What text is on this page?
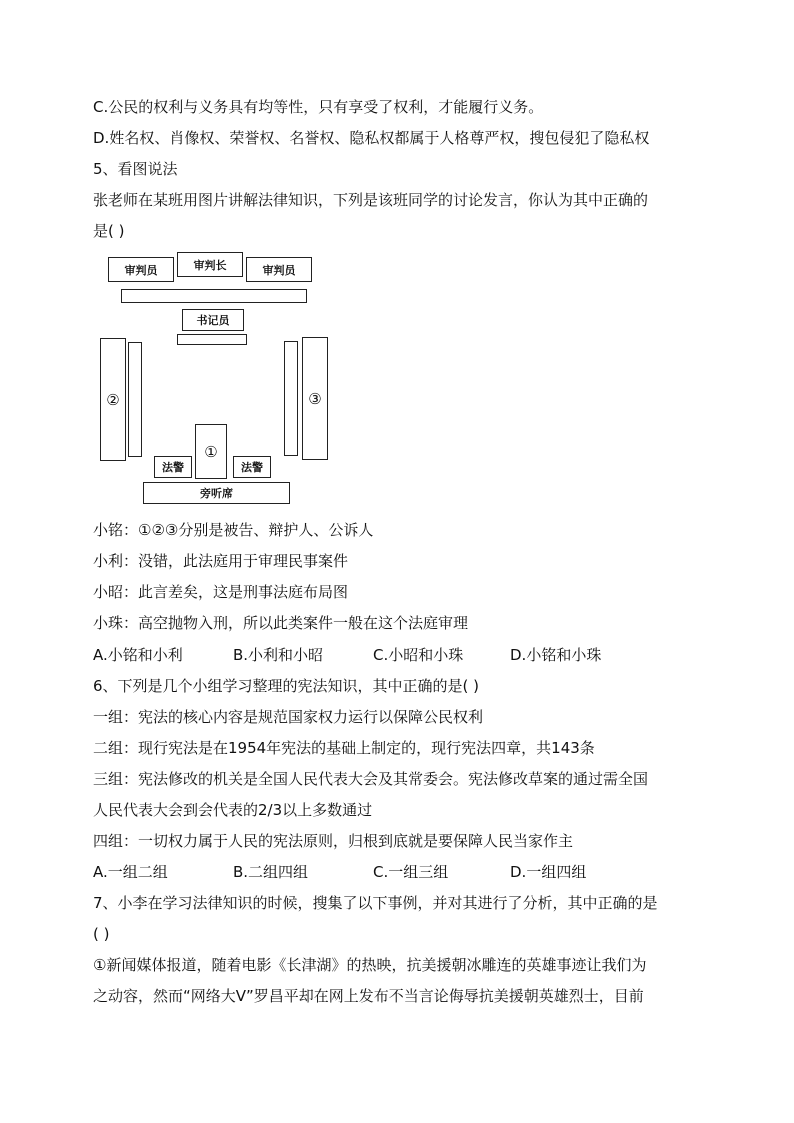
C.公民的权利与义务具有均等性，只有享受了权利，才能履行义务。
D.姓名权、肖像权、荣誉权、名誉权、隐私权都属于人格尊严权，搜包侵犯了隐私权
5、看图说法
张老师在某班用图片讲解法律知识，下列是该班同学的讨论发言，你认为其中正确的
是( )
审判员	审判长	审判员
书记员
②	③
①
法警	法警
旁听席
小铭：①②③分别是被告、辩护人、公诉人
小利：没错，此法庭用于审理民事案件
小昭：此言差矣，这是刑事法庭布局图
小珠：高空抛物入刑，所以此类案件一般在这个法庭审理
A.小铭和小利	B.小利和小昭	C.小昭和小珠	D.小铭和小珠
6、下列是几个小组学习整理的宪法知识，其中正确的是( )
一组：宪法的核心内容是规范国家权力运行以保障公民权利
二组：现行宪法是在1954年宪法的基础上制定的，现行宪法四章，共143条
三组：宪法修改的机关是全国人民代表大会及其常委会。宪法修改草案的通过需全国
人民代表大会到会代表的2/3以上多数通过
四组：一切权力属于人民的宪法原则，归根到底就是要保障人民当家作主
A.一组二组	B.二组四组	C.一组三组	D.一组四组
7、小李在学习法律知识的时候，搜集了以下事例，并对其进行了分析，其中正确的是
( )
①新闻媒体报道，随着电影《长津湖》的热映，抗美援朝冰雕连的英雄事迹让我们为
之动容，然而“网络大V”罗昌平却在网上发布不当言论侮辱抗美援朝英雄烈士，目前
